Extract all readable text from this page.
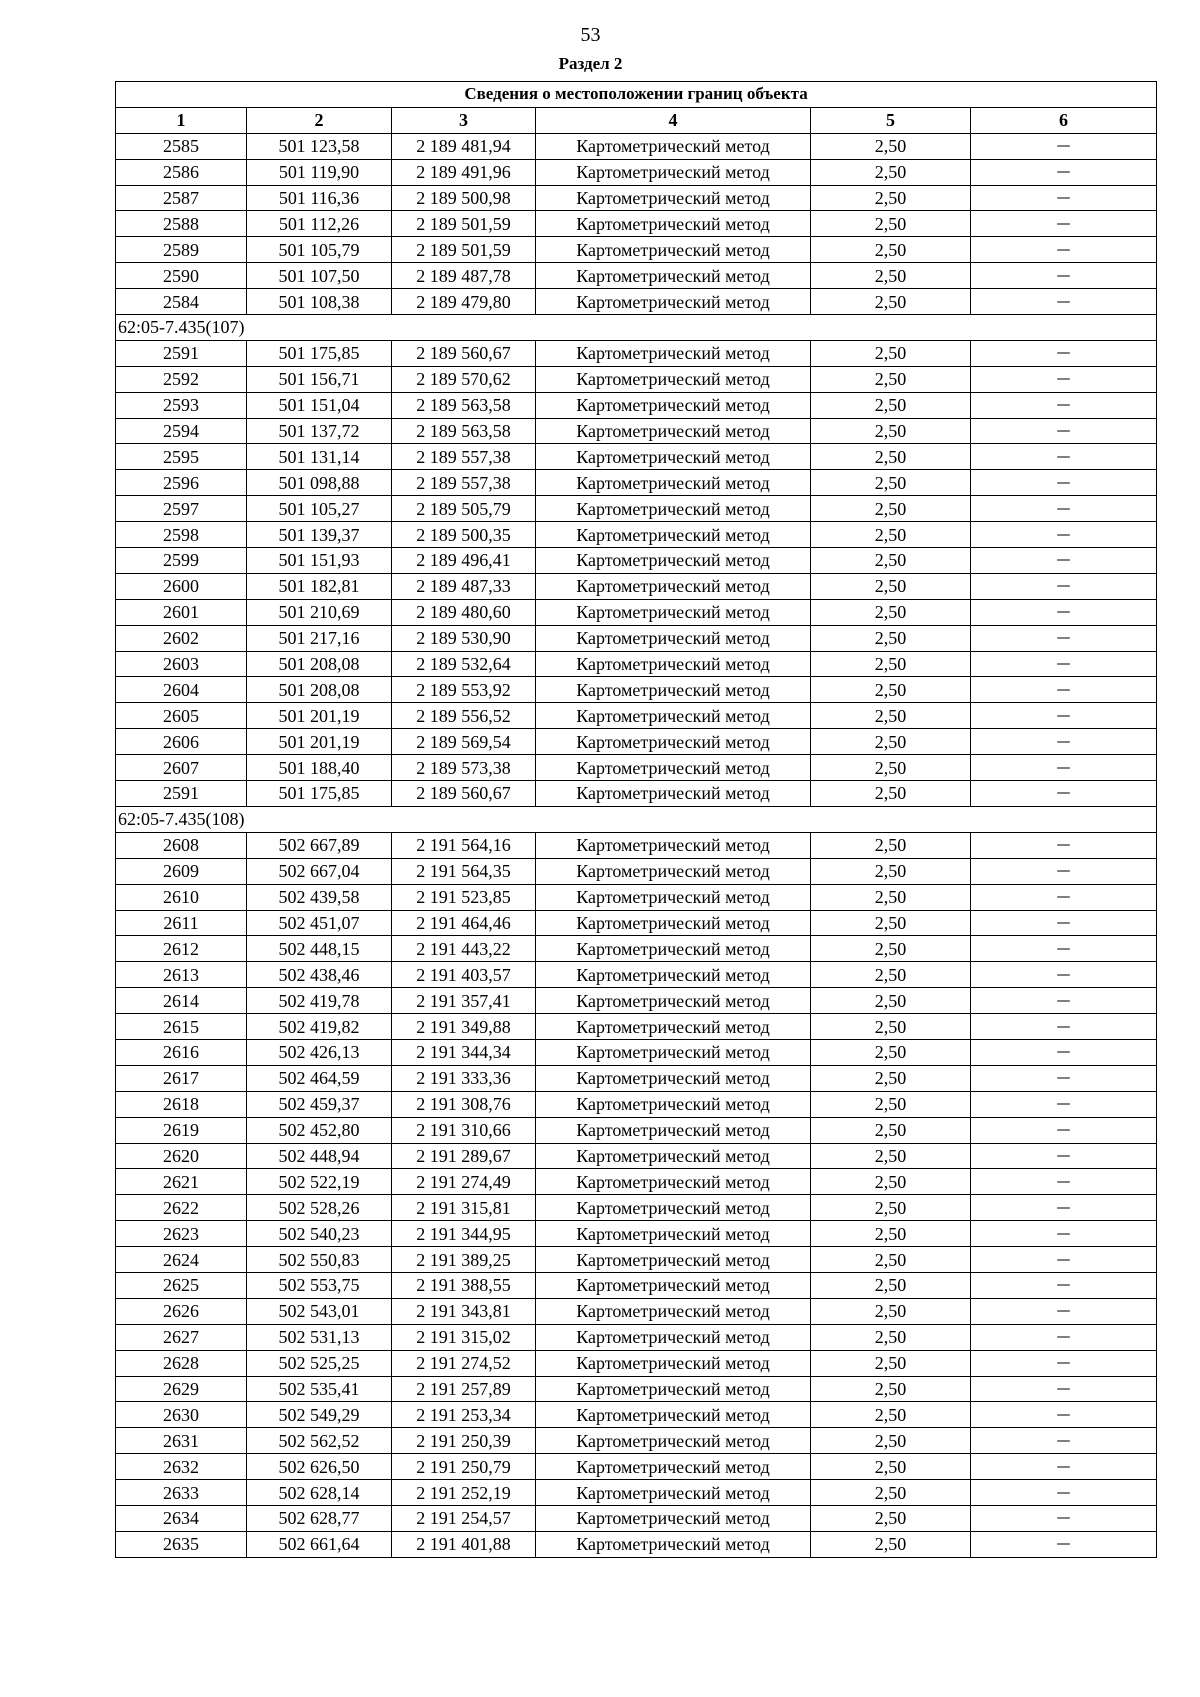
53
Раздел 2
Сведения о местоположении границ объекта					
1	2	3	4	5	6
2585	501 123,58	2 189 481,94	Картометрический метод	2,50	—
2586	501 119,90	2 189 491,96	Картометрический метод	2,50	—
2587	501 116,36	2 189 500,98	Картометрический метод	2,50	—
2588	501 112,26	2 189 501,59	Картометрический метод	2,50	—
2589	501 105,79	2 189 501,59	Картометрический метод	2,50	—
2590	501 107,50	2 189 487,78	Картометрический метод	2,50	—
2584	501 108,38	2 189 479,80	Картометрический метод	2,50	—
62:05-7.435(107)					
2591	501 175,85	2 189 560,67	Картометрический метод	2,50	—
2592	501 156,71	2 189 570,62	Картометрический метод	2,50	—
2593	501 151,04	2 189 563,58	Картометрический метод	2,50	—
2594	501 137,72	2 189 563,58	Картометрический метод	2,50	—
2595	501 131,14	2 189 557,38	Картометрический метод	2,50	—
2596	501 098,88	2 189 557,38	Картометрический метод	2,50	—
2597	501 105,27	2 189 505,79	Картометрический метод	2,50	—
2598	501 139,37	2 189 500,35	Картометрический метод	2,50	—
2599	501 151,93	2 189 496,41	Картометрический метод	2,50	—
2600	501 182,81	2 189 487,33	Картометрический метод	2,50	—
2601	501 210,69	2 189 480,60	Картометрический метод	2,50	—
2602	501 217,16	2 189 530,90	Картометрический метод	2,50	—
2603	501 208,08	2 189 532,64	Картометрический метод	2,50	—
2604	501 208,08	2 189 553,92	Картометрический метод	2,50	—
2605	501 201,19	2 189 556,52	Картометрический метод	2,50	—
2606	501 201,19	2 189 569,54	Картометрический метод	2,50	—
2607	501 188,40	2 189 573,38	Картометрический метод	2,50	—
2591	501 175,85	2 189 560,67	Картометрический метод	2,50	—
62:05-7.435(108)					
2608	502 667,89	2 191 564,16	Картометрический метод	2,50	—
2609	502 667,04	2 191 564,35	Картометрический метод	2,50	—
2610	502 439,58	2 191 523,85	Картометрический метод	2,50	—
2611	502 451,07	2 191 464,46	Картометрический метод	2,50	—
2612	502 448,15	2 191 443,22	Картометрический метод	2,50	—
2613	502 438,46	2 191 403,57	Картометрический метод	2,50	—
2614	502 419,78	2 191 357,41	Картометрический метод	2,50	—
2615	502 419,82	2 191 349,88	Картометрический метод	2,50	—
2616	502 426,13	2 191 344,34	Картометрический метод	2,50	—
2617	502 464,59	2 191 333,36	Картометрический метод	2,50	—
2618	502 459,37	2 191 308,76	Картометрический метод	2,50	—
2619	502 452,80	2 191 310,66	Картометрический метод	2,50	—
2620	502 448,94	2 191 289,67	Картометрический метод	2,50	—
2621	502 522,19	2 191 274,49	Картометрический метод	2,50	—
2622	502 528,26	2 191 315,81	Картометрический метод	2,50	—
2623	502 540,23	2 191 344,95	Картометрический метод	2,50	—
2624	502 550,83	2 191 389,25	Картометрический метод	2,50	—
2625	502 553,75	2 191 388,55	Картометрический метод	2,50	—
2626	502 543,01	2 191 343,81	Картометрический метод	2,50	—
2627	502 531,13	2 191 315,02	Картометрический метод	2,50	—
2628	502 525,25	2 191 274,52	Картометрический метод	2,50	—
2629	502 535,41	2 191 257,89	Картометрический метод	2,50	—
2630	502 549,29	2 191 253,34	Картометрический метод	2,50	—
2631	502 562,52	2 191 250,39	Картометрический метод	2,50	—
2632	502 626,50	2 191 250,79	Картометрический метод	2,50	—
2633	502 628,14	2 191 252,19	Картометрический метод	2,50	—
2634	502 628,77	2 191 254,57	Картометрический метод	2,50	—
2635	502 661,64	2 191 401,88	Картометрический метод	2,50	—
